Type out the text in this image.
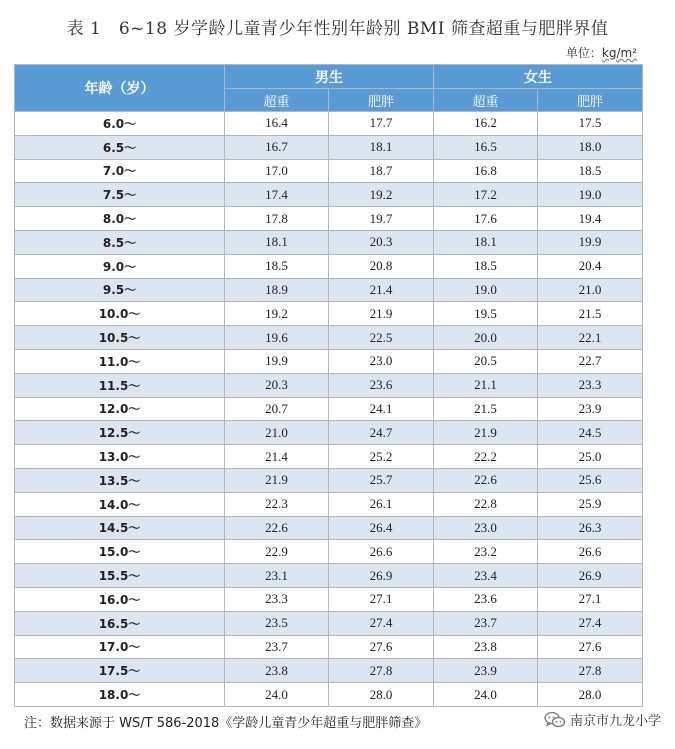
表 1　6~18 岁学龄儿童青少年性别年龄别 BMI 筛查超重与肥胖界值
单位：kg/m²
年龄（岁）	男生		女生	
	超重	肥胖	超重	肥胖
6.0～	16.4	17.7	16.2	17.5
6.5～	16.7	18.1	16.5	18.0
7.0～	17.0	18.7	16.8	18.5
7.5～	17.4	19.2	17.2	19.0
8.0～	17.8	19.7	17.6	19.4
8.5～	18.1	20.3	18.1	19.9
9.0～	18.5	20.8	18.5	20.4
9.5～	18.9	21.4	19.0	21.0
10.0～	19.2	21.9	19.5	21.5
10.5～	19.6	22.5	20.0	22.1
11.0～	19.9	23.0	20.5	22.7
11.5～	20.3	23.6	21.1	23.3
12.0～	20.7	24.1	21.5	23.9
12.5～	21.0	24.7	21.9	24.5
13.0～	21.4	25.2	22.2	25.0
13.5～	21.9	25.7	22.6	25.6
14.0～	22.3	26.1	22.8	25.9
14.5～	22.6	26.4	23.0	26.3
15.0～	22.9	26.6	23.2	26.6
15.5～	23.1	26.9	23.4	26.9
16.0～	23.3	27.1	23.6	27.1
16.5～	23.5	27.4	23.7	27.4
17.0～	23.7	27.6	23.8	27.6
17.5～	23.8	27.8	23.9	27.8
18.0～	24.0	28.0	24.0	28.0
注：数据来源于 WS/T 586-2018《学龄儿童青少年超重与肥胖筛查》	南京市九龙小学
